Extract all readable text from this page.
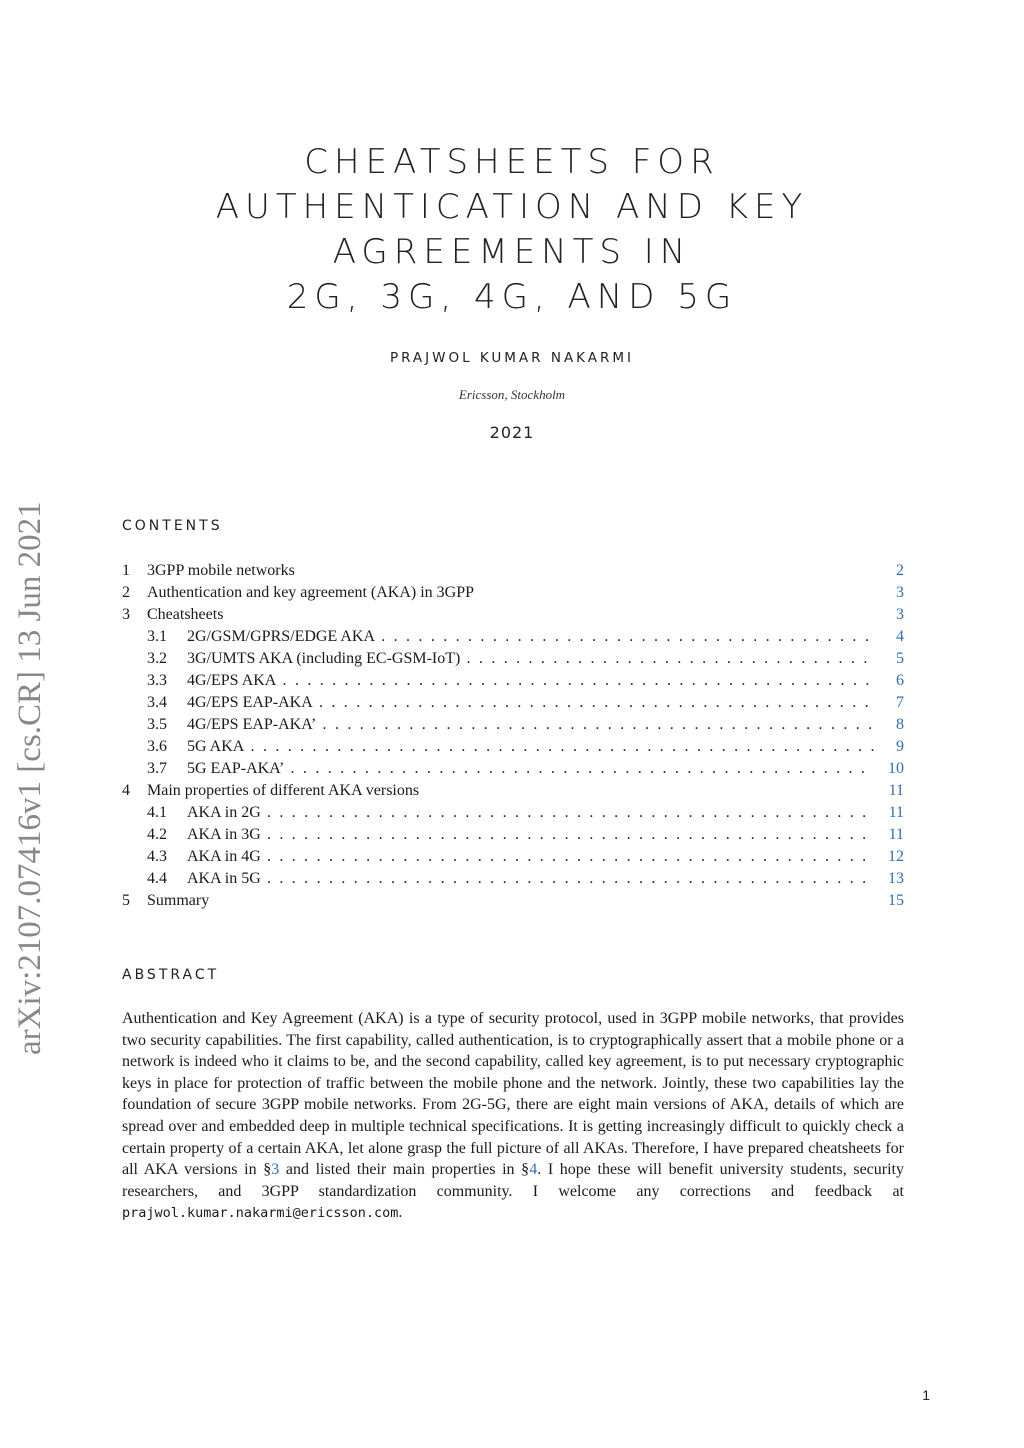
arXiv:2107.07416v1 [cs.CR] 13 Jun 2021
CHEATSHEETS FOR
AUTHENTICATION AND KEY
AGREEMENTS IN
2G, 3G, 4G, AND 5G
PRAJWOL KUMAR NAKARMI
Ericsson, Stockholm
2021
CONTENTS
1 3GPP mobile networks	2
2 Authentication and key agreement (AKA) in 3GPP	3
3 Cheatsheets	3
3.1 2G/GSM/GPRS/EDGE AKA . . .	4
3.2 3G/UMTS AKA (including EC-GSM-IoT) . . .	5
3.3 4G/EPS AKA . . .	6
3.4 4G/EPS EAP-AKA . . .	7
3.5 4G/EPS EAP-AKA’ . . .	8
3.6 5G AKA . . .	9
3.7 5G EAP-AKA’ . . .	10
4 Main properties of different AKA versions	11
4.1 AKA in 2G . . .	11
4.2 AKA in 3G . . .	11
4.3 AKA in 4G . . .	12
4.4 AKA in 5G . . .	13
5 Summary	15
ABSTRACT
Authentication and Key Agreement (AKA) is a type of security protocol, used in 3GPP mobile networks, that provides two security capabilities. The first capability, called authentication, is to cryptographically assert that a mobile phone or a network is indeed who it claims to be, and the second capability, called key agreement, is to put necessary cryptographic keys in place for protection of traffic between the mobile phone and the network. Jointly, these two capabilities lay the foundation of secure 3GPP mobile networks. From 2G-5G, there are eight main versions of AKA, details of which are spread over and embedded deep in multiple technical specifications. It is getting increasingly difficult to quickly check a certain property of a certain AKA, let alone grasp the full picture of all AKAs. Therefore, I have prepared cheatsheets for all AKA versions in §3 and listed their main properties in §4. I hope these will benefit university students, security researchers, and 3GPP standardization community. I welcome any corrections and feedback at prajwol.kumar.nakarmi@ericsson.com.
1
